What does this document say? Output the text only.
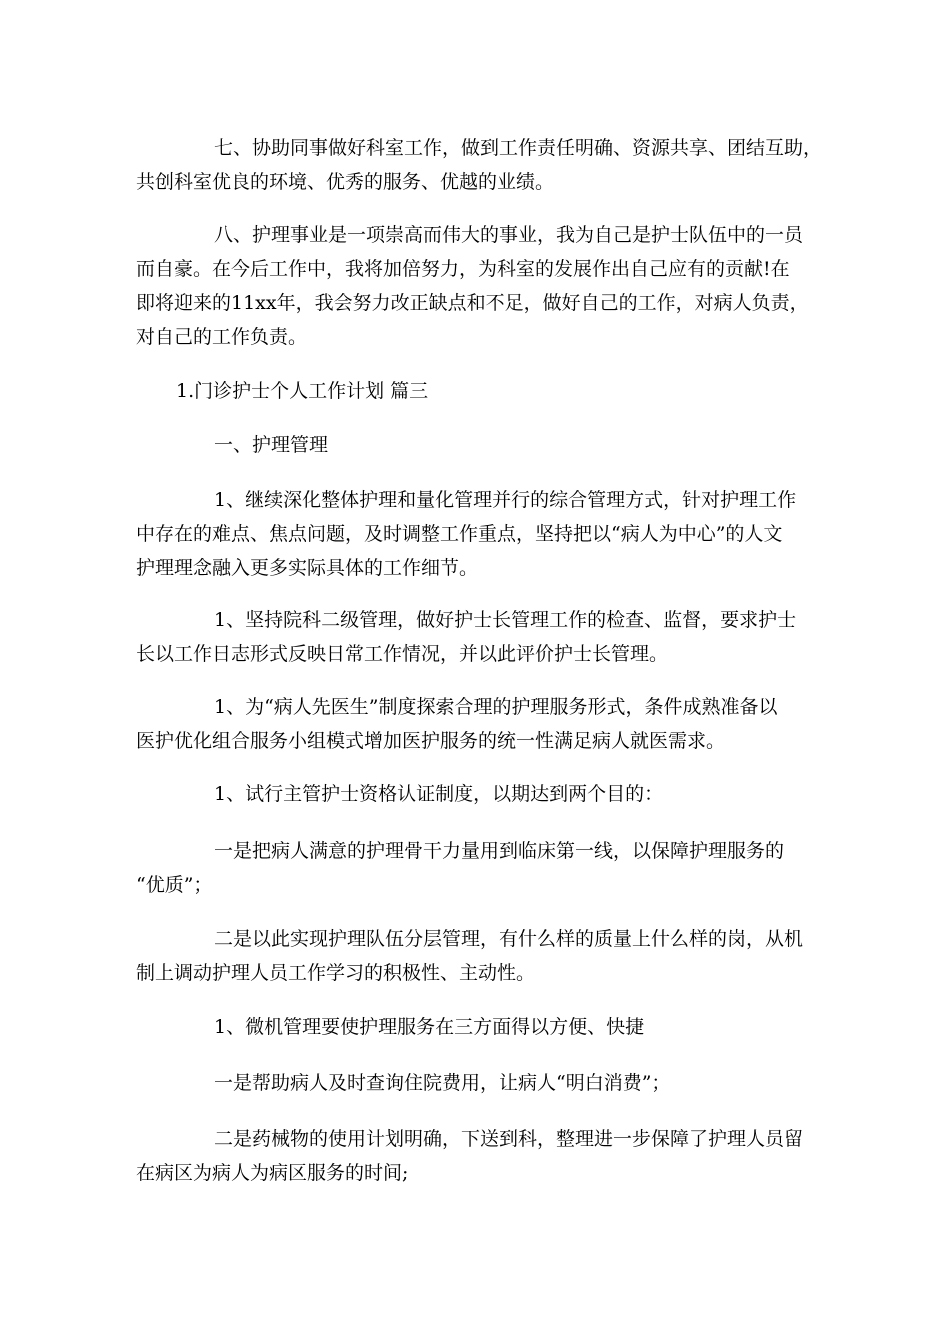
七、协助同事做好科室工作，做到工作责任明确、资源共享、团结互助，
共创科室优良的环境、优秀的服务、优越的业绩。
八、护理事业是一项崇高而伟大的事业，我为自己是护士队伍中的一员
而自豪。在今后工作中，我将加倍努力，为科室的发展作出自己应有的贡献!在
即将迎来的11xx年，我会努力改正缺点和不足，做好自己的工作，对病人负责，
对自己的工作负责。
1.门诊护士个人工作计划 篇三
一、护理管理
1、继续深化整体护理和量化管理并行的综合管理方式，针对护理工作
中存在的难点、焦点问题，及时调整工作重点，坚持把以“病人为中心”的人文
护理理念融入更多实际具体的工作细节。
1、坚持院科二级管理，做好护士长管理工作的检查、监督，要求护士
长以工作日志形式反映日常工作情况，并以此评价护士长管理。
1、为“病人先医生”制度探索合理的护理服务形式，条件成熟准备以
医护优化组合服务小组模式增加医护服务的统一性满足病人就医需求。
1、试行主管护士资格认证制度，以期达到两个目的：
一是把病人满意的护理骨干力量用到临床第一线，以保障护理服务的
“优质”；
二是以此实现护理队伍分层管理，有什么样的质量上什么样的岗，从机
制上调动护理人员工作学习的积极性、主动性。
1、微机管理要使护理服务在三方面得以方便、快捷
一是帮助病人及时查询住院费用，让病人“明白消费”；
二是药械物的使用计划明确，下送到科，整理进一步保障了护理人员留
在病区为病人为病区服务的时间;
